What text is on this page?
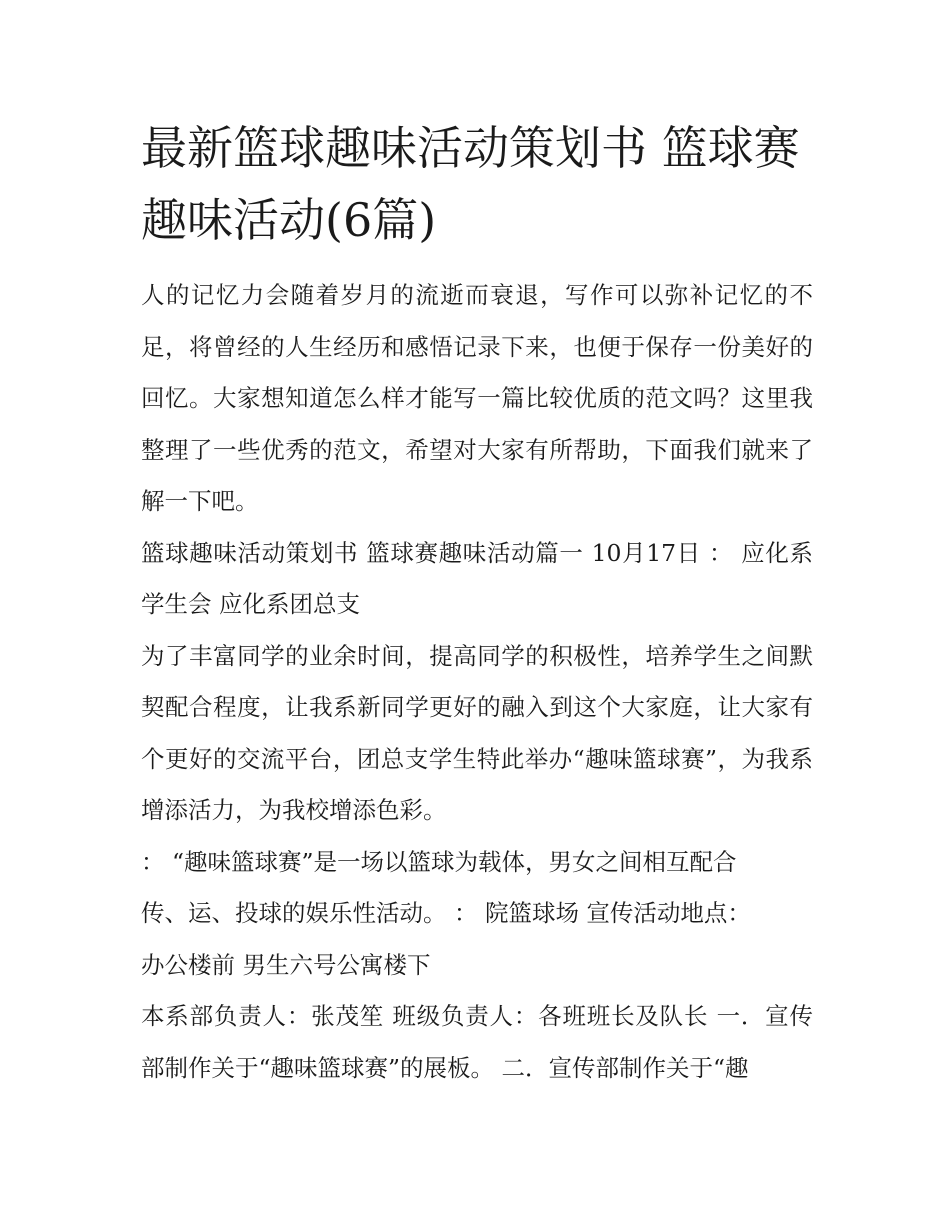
最新篮球趣味活动策划书 篮球赛趣味活动(6篇)

人的记忆力会随着岁月的流逝而衰退，写作可以弥补记忆的不足，将曾经的人生经历和感悟记录下来，也便于保存一份美好的回忆。大家想知道怎么样才能写一篇比较优质的范文吗？这里我整理了一些优秀的范文，希望对大家有所帮助，下面我们就来了解一下吧。

篮球趣味活动策划书 篮球赛趣味活动篇一 10月17日 ： 应化系学生会 应化系团总支

为了丰富同学的业余时间，提高同学的积极性，培养学生之间默契配合程度，让我系新同学更好的融入到这个大家庭，让大家有个更好的交流平台，团总支学生特此举办“趣味篮球赛”，为我系增添活力，为我校增添色彩。

： “趣味篮球赛”是一场以篮球为载体，男女之间相互配合

传、运、投球的娱乐性活动。 ： 院篮球场 宣传活动地点：

办公楼前 男生六号公寓楼下

本系部负责人：张茂笙 班级负责人：各班班长及队长 一．宣传部制作关于“趣味篮球赛”的展板。 二．宣传部制作关于“趣
